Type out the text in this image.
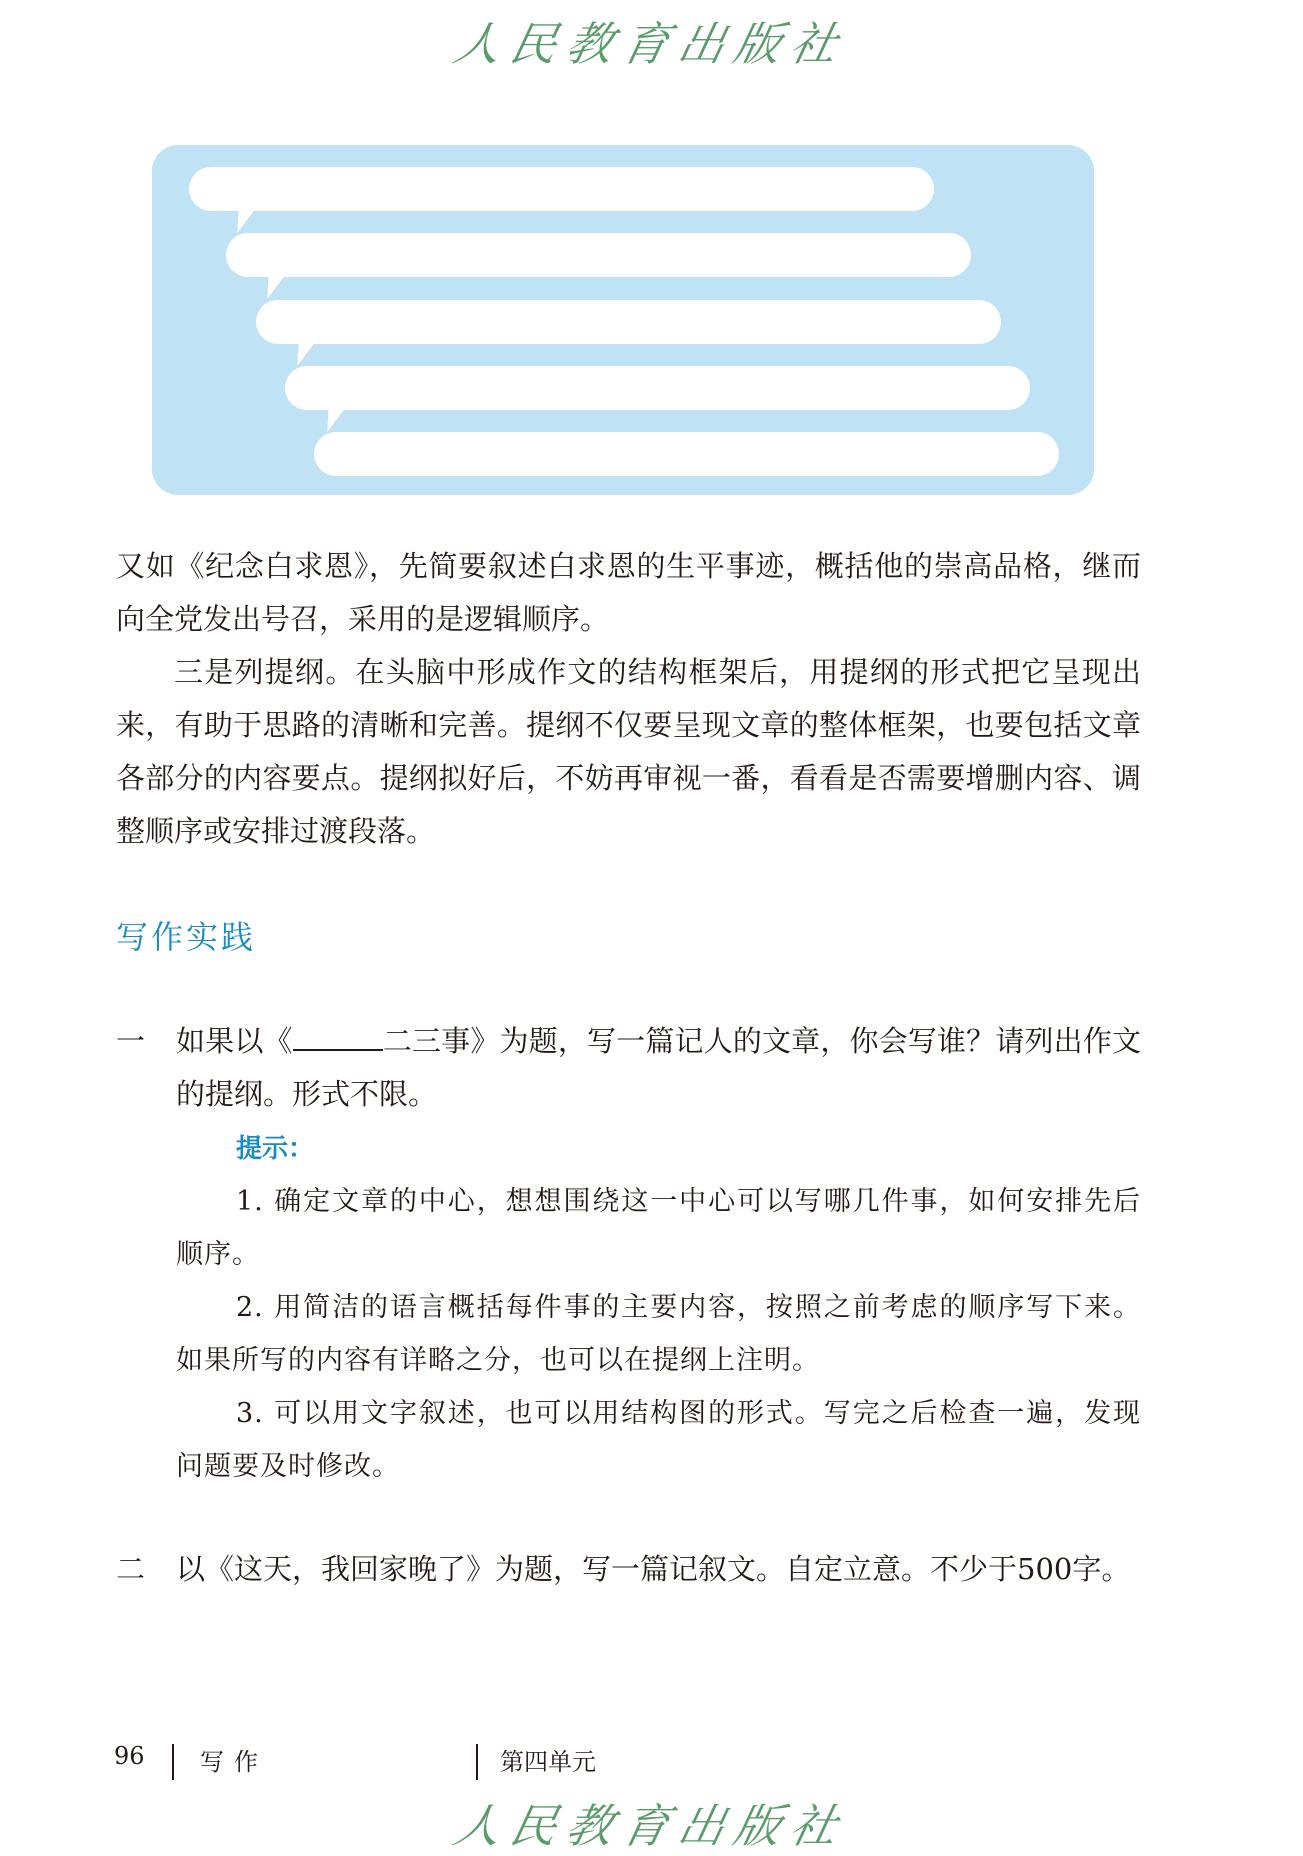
人民教育出版社

又如《纪念白求恩》，先简要叙述白求恩的生平事迹，概括他的崇高品格，继而向全党发出号召，采用的是逻辑顺序。

三是列提纲。在头脑中形成作文的结构框架后，用提纲的形式把它呈现出来，有助于思路的清晰和完善。提纲不仅要呈现文章的整体框架，也要包括文章各部分的内容要点。提纲拟好后，不妨再审视一番，看看是否需要增删内容、调整顺序或安排过渡段落。

写作实践
一	如果以《	二三事》为题，写一篇记人的文章，你会写谁？请列出作文的提纲。形式不限。

提示：

1. 确定文章的中心，想想围绕这一中心可以写哪几件事，如何安排先后顺序。

2. 用简洁的语言概括每件事的主要内容，按照之前考虑的顺序写下来。如果所写的内容有详略之分，也可以在提纲上注明。

3. 可以用文字叙述，也可以用结构图的形式。写完之后检查一遍，发现问题要及时修改。

二	以《这天，我回家晚了》为题，写一篇记叙文。自定立意。不少于500字。
96 写作	第四单元
人民教育出版社
